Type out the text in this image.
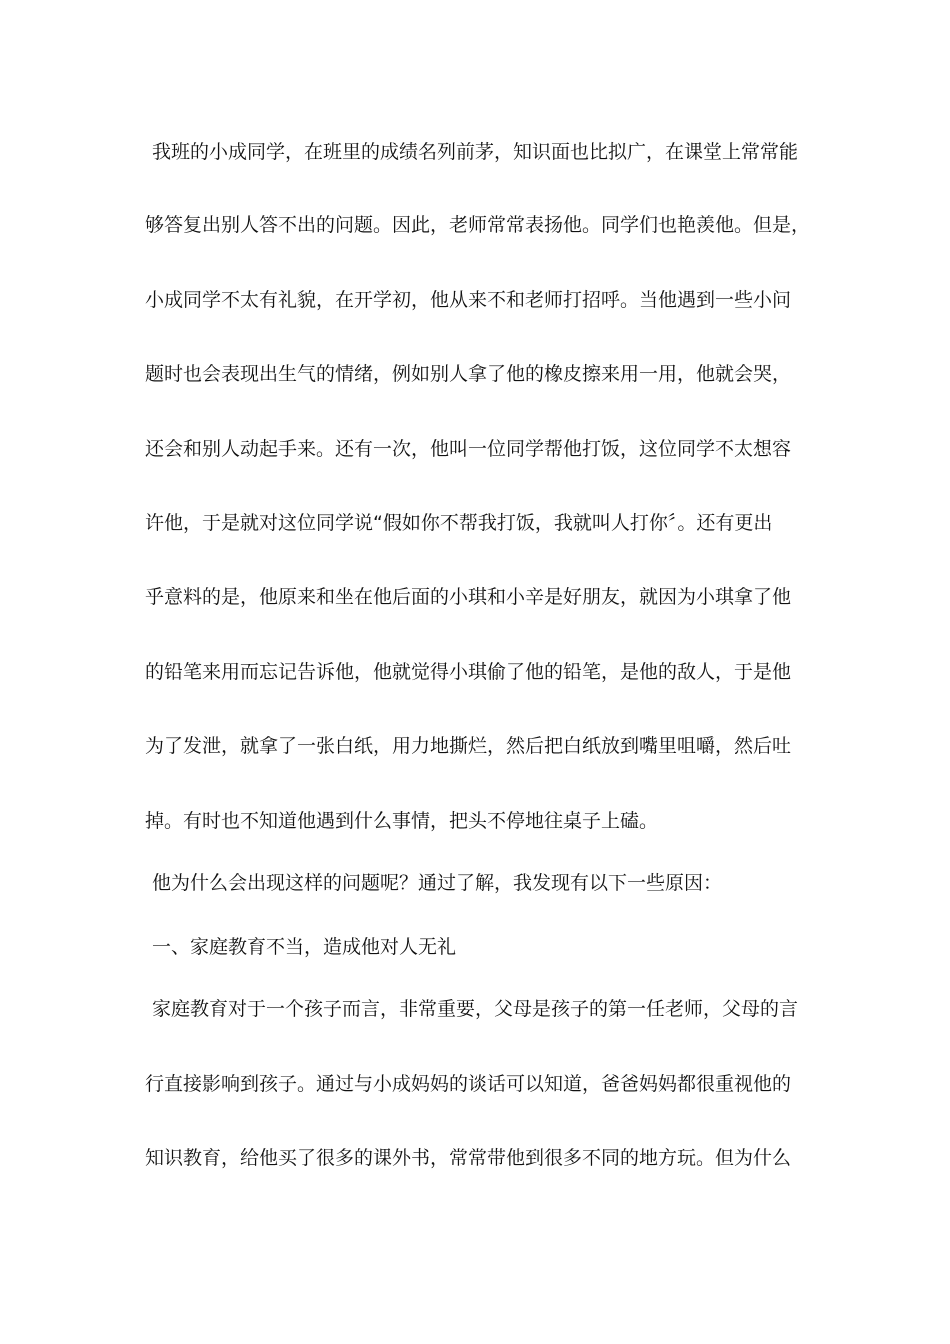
我班的小成同学，在班里的成绩名列前茅，知识面也比拟广，在课堂上常常能
够答复出别人答不出的问题。因此，老师常常表扬他。同学们也艳羡他。但是，
小成同学不太有礼貌，在开学初，他从来不和老师打招呼。当他遇到一些小问
题时也会表现出生气的情绪，例如别人拿了他的橡皮擦来用一用，他就会哭，
还会和别人动起手来。还有一次，他叫一位同学帮他打饭，这位同学不太想容
许他，于是就对这位同学说“假如你不帮我打饭，我就叫人打你〞。还有更出
乎意料的是，他原来和坐在他后面的小琪和小辛是好朋友，就因为小琪拿了他
的铅笔来用而忘记告诉他，他就觉得小琪偷了他的铅笔，是他的敌人，于是他
为了发泄，就拿了一张白纸，用力地撕烂，然后把白纸放到嘴里咀嚼，然后吐
掉。有时也不知道他遇到什么事情，把头不停地往桌子上磕。
他为什么会出现这样的问题呢？通过了解，我发现有以下一些原因：
一、家庭教育不当，造成他对人无礼
家庭教育对于一个孩子而言，非常重要，父母是孩子的第一任老师，父母的言
行直接影响到孩子。通过与小成妈妈的谈话可以知道，爸爸妈妈都很重视他的
知识教育，给他买了很多的课外书，常常带他到很多不同的地方玩。但为什么
